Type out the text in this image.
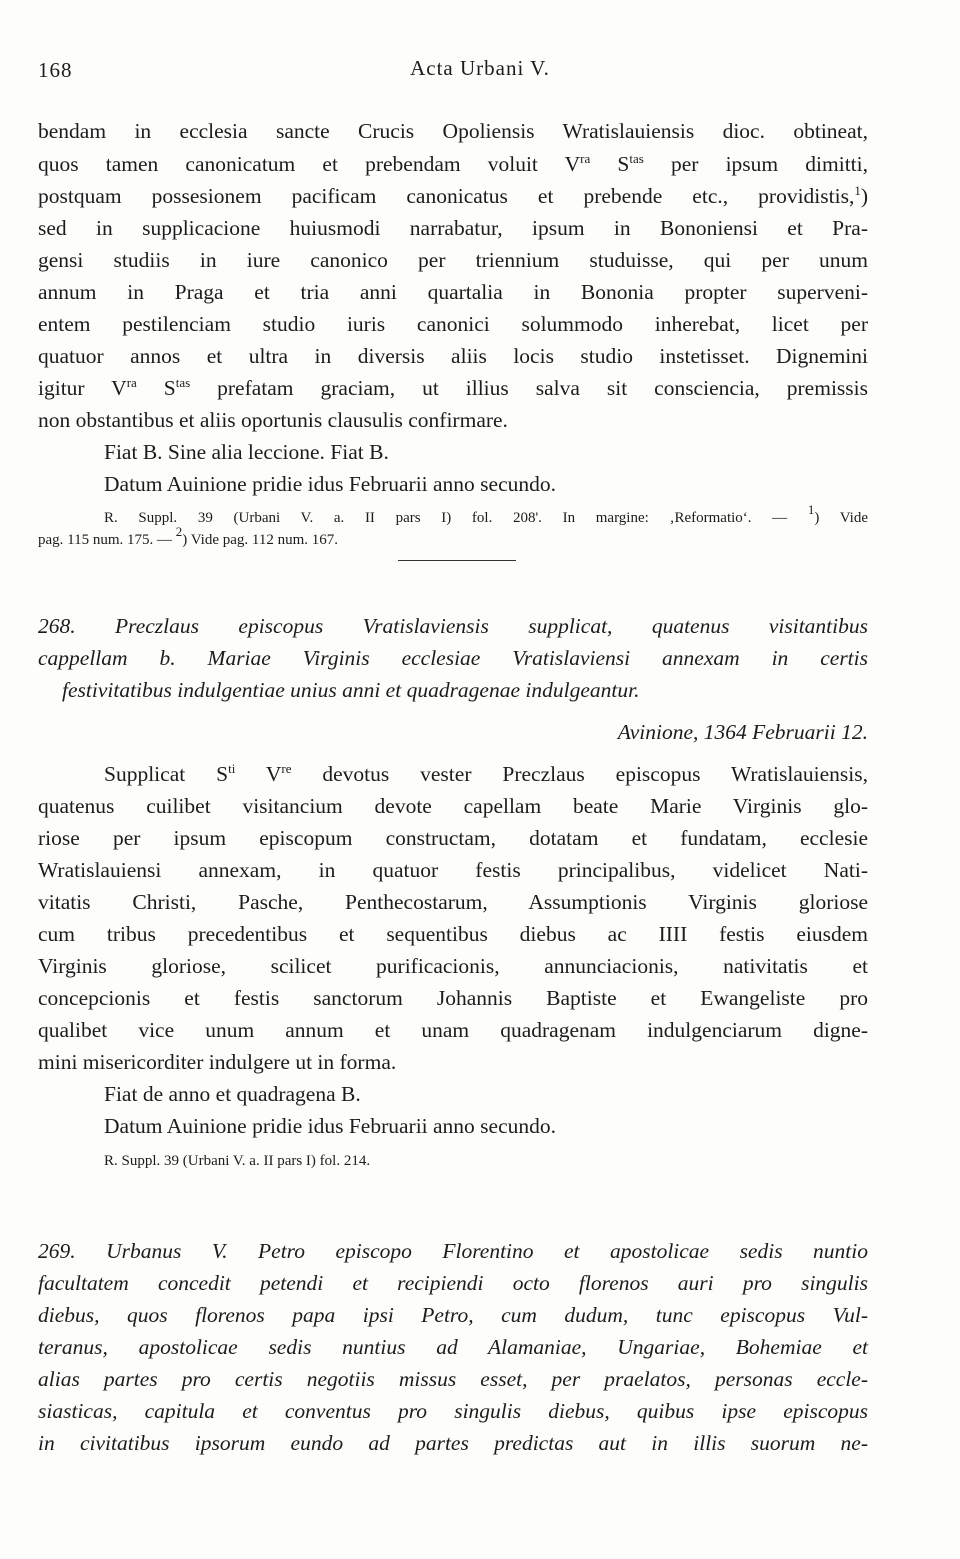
168	Acta Urbani V.
bendam in ecclesia sancte Crucis Opoliensis Wratislauiensis dioc. obtineat,
quos tamen canonicatum et prebendam voluit $V^{ra}$ $S^{tas}$ per ipsum dimitti,
postquam possesionem pacificam canonicatus et prebende etc., providistis,$^1$)
sed in supplicacione huiusmodi narrabatur, ipsum in Bononiensi et Pra-
gensi studiis in iure canonico per triennium studuisse, qui per unum
annum in Praga et tria anni quartalia in Bononia propter superveni-
entem pestilenciam studio iuris canonici solummodo inherebat, licet per
quatuor annos et ultra in diversis aliis locis studio instetisset. Dignemini
igitur $V^{ra}$ $S^{tas}$ prefatam graciam, ut illius salva sit consciencia, premissis
non obstantibus et aliis oportunis clausulis confirmare.
Fiat B. Sine alia leccione. Fiat B.
Datum Auinione pridie idus Februarii anno secundo.
R. Suppl. 39 (Urbani V. a. II pars I) fol. 208'. In margine: ‚Reformatio‘. — $^1$) Vide
pag. 115 num. 175. — $^2$) Vide pag. 112 num. 167.
268. Preczlaus episcopus Vratislaviensis supplicat, quatenus visitantibus
cappellam b. Mariae Virginis ecclesiae Vratislaviensi annexam in certis
festivitatibus indulgentiae unius anni et quadragenae indulgeantur.
Avinione, 1364 Februarii 12.
Supplicat $S^{ti}$ Vre devotus vester Preczlaus episcopus Wratislauiensis,
quatenus cuilibet visitancium devote capellam beate Marie Virginis glo-
riose per ipsum episcopum constructam, dotatam et fundatam, ecclesie
Wratislauiensi annexam, in quatuor festis principalibus, videlicet Nati-
vitatis Christi, Pasche, Penthecostarum, Assumptionis Virginis gloriose
cum tribus precedentibus et sequentibus diebus ac IIII festis eiusdem
Virginis gloriose, scilicet purificacionis, annunciacionis, nativitatis et
concepcionis et festis sanctorum Johannis Baptiste et Ewangeliste pro
qualibet vice unum annum et unam quadragenam indulgenciarum digne-
mini misericorditer indulgere ut in forma.
Fiat de anno et quadragena B.
Datum Auinione pridie idus Februarii anno secundo.
R. Suppl. 39 (Urbani V. a. II pars I) fol. 214.
269. Urbanus V. Petro episcopo Florentino et apostolicae sedis nuntio
facultatem concedit petendi et recipiendi octo florenos auri pro singulis
diebus, quos florenos papa ipsi Petro, cum dudum, tunc episcopus Vul-
teranus, apostolicae sedis nuntius ad Alamaniae, Ungariae, Bohemiae et
alias partes pro certis negotiis missus esset, per praelatos, personas eccle-
siasticas, capitula et conventus pro singulis diebus, quibus ipse episcopus
in civitatibus ipsorum eundo ad partes predictas aut in illis suorum ne-
